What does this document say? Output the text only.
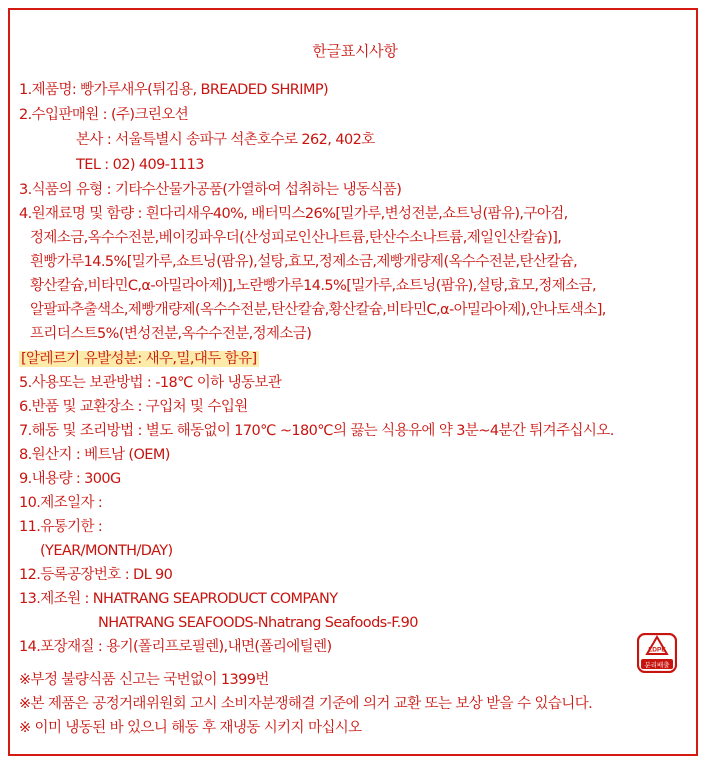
한글표시사항
1.제품명: 빵가루새우(튀김용, BREADED SHRIMP)
2.수입판매원 : (주)크린오션
본사 : 서울특별시 송파구 석촌호수로 262, 402호
TEL : 02) 409-1113
3.식품의 유형 : 기타수산물가공품(가열하여 섭취하는 냉동식품)
4.원재료명 및 함량 : 흰다리새우40%, 배터믹스26%[밀가루,변성전분,쇼트닝(팜유),구아검,
정제소금,옥수수전분,베이킹파우더(산성피로인산나트륨,탄산수소나트륨,제일인산칼슘)],
흰빵가루14.5%[밀가루,쇼트닝(팜유),설탕,효모,정제소금,제빵개량제(옥수수전분,탄산칼슘,
황산칼슘,비타민C,α-아밀라아제)],노란빵가루14.5%[밀가루,쇼트닝(팜유),설탕,효모,정제소금,
알팔파추출색소,제빵개량제(옥수수전분,탄산칼슘,황산칼슘,비타민C,α-아밀라아제),안나토색소],
프리더스트5%(변성전분,옥수수전분,정제소금)
[알레르기 유발성분: 새우,밀,대두 함유]
5.사용또는 보관방법 : -18℃ 이하 냉동보관
6.반품 및 교환장소 : 구입처 및 수입원
7.해동 및 조리방법 : 별도 해동없이 170℃ ~180℃의 끓는 식용유에 약 3분~4분간 튀겨주십시오.
8.원산지 : 베트남 (OEM)
9.내용량 : 300G
10.제조일자 :
11.유통기한 :
(YEAR/MONTH/DAY)
12.등록공장번호 : DL 90
13.제조원 : NHATRANG SEAPRODUCT COMPANY
NHATRANG SEAFOODS-Nhatrang Seafoods-F.90
14.포장재질 : 용기(폴리프로필렌),내면(폴리에틸렌)
※부정 불량식품 신고는 국번없이 1399번
※본 제품은 공정거래위원회 고시 소비자분쟁해결 기준에 의거 교환 또는 보상 받을 수 있습니다.
※ 이미 냉동된 바 있으니 해동 후 재냉동 시키지 마십시오
LDPE
분리배출
